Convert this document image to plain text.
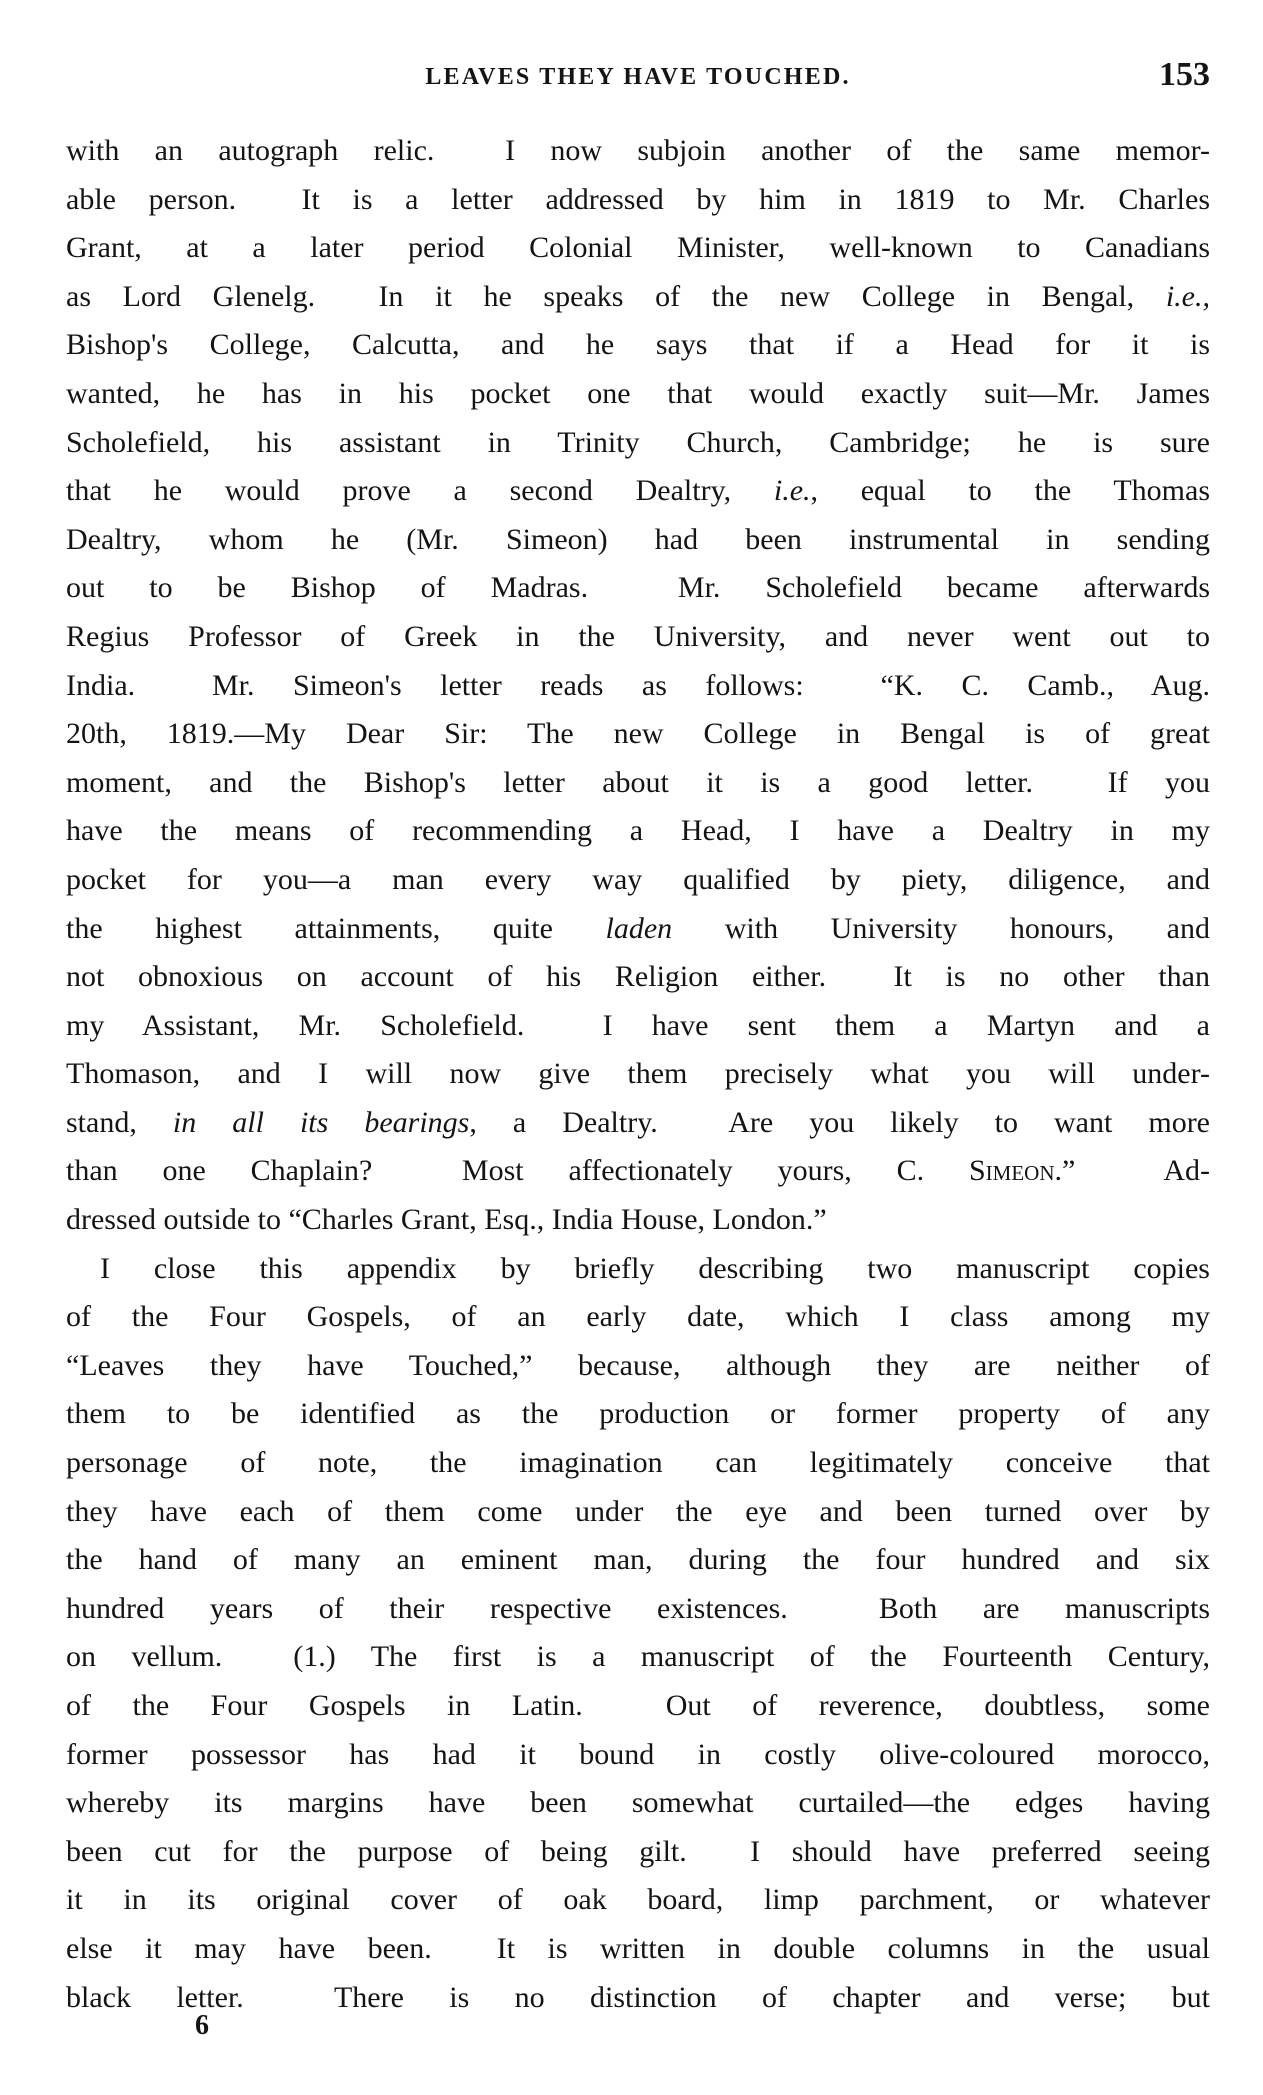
LEAVES THEY HAVE TOUCHED.	153
with an autograph relic.  I now subjoin another of the same memor-
able person.  It is a letter addressed by him in 1819 to Mr. Charles
Grant, at a later period Colonial Minister, well-known to Canadians
as Lord Glenelg.  In it he speaks of the new College in Bengal, i.e.,
Bishop's College, Calcutta, and he says that if a Head for it is
wanted, he has in his pocket one that would exactly suit—Mr. James
Scholefield, his assistant in Trinity Church, Cambridge; he is sure
that he would prove a second Dealtry, i.e., equal to the Thomas
Dealtry, whom he (Mr. Simeon) had been instrumental in sending
out to be Bishop of Madras.  Mr. Scholefield became afterwards
Regius Professor of Greek in the University, and never went out to
India.  Mr. Simeon's letter reads as follows:  “K. C. Camb., Aug.
20th, 1819.—My Dear Sir: The new College in Bengal is of great
moment, and the Bishop's letter about it is a good letter.  If you
have the means of recommending a Head, I have a Dealtry in my
pocket for you—a man every way qualified by piety, diligence, and
the highest attainments, quite laden with University honours, and
not obnoxious on account of his Religion either.  It is no other than
my Assistant, Mr. Scholefield.  I have sent them a Martyn and a
Thomason, and I will now give them precisely what you will under-
stand, in all its bearings, a Dealtry.  Are you likely to want more
than one Chaplain?  Most affectionately yours, C. Simeon.”  Ad-
dressed outside to “Charles Grant, Esq., India House, London.”
I close this appendix by briefly describing two manuscript copies
of the Four Gospels, of an early date, which I class among my
“Leaves they have Touched,” because, although they are neither of
them to be identified as the production or former property of any
personage of note, the imagination can legitimately conceive that
they have each of them come under the eye and been turned over by
the hand of many an eminent man, during the four hundred and six
hundred years of their respective existences.  Both are manuscripts
on vellum.  (1.) The first is a manuscript of the Fourteenth Century,
of the Four Gospels in Latin.  Out of reverence, doubtless, some
former possessor has had it bound in costly olive-coloured morocco,
whereby its margins have been somewhat curtailed—the edges having
been cut for the purpose of being gilt.  I should have preferred seeing
it in its original cover of oak board, limp parchment, or whatever
else it may have been.  It is written in double columns in the usual
black letter.  There is no distinction of chapter and verse; but
6
